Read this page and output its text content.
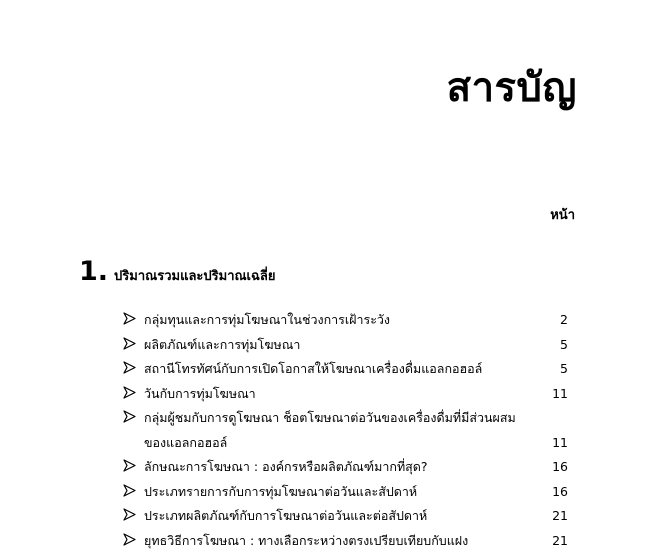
สารบัญ
หน้า
1. ปริมาณรวมและปริมาณเฉลี่ย
กลุ่มทุนและการทุ่มโฆษณาในช่วงการเฝ้าระวัง	2
ผลิตภัณฑ์และการทุ่มโฆษณา	5
สถานีโทรทัศน์กับการเปิดโอกาสให้โฆษณาเครื่องดื่มแอลกอฮอล์	5
วันกับการทุ่มโฆษณา	11
กลุ่มผู้ชมกับการดูโฆษณา ช็อตโฆษณาต่อวันของเครื่องดื่มที่มีส่วนผสม
ของแอลกอฮอล์	11
ลักษณะการโฆษณา : องค์กรหรือผลิตภัณฑ์มากที่สุด?	16
ประเภทรายการกับการทุ่มโฆษณาต่อวันและสัปดาห์	16
ประเภทผลิตภัณฑ์กับการโฆษณาต่อวันและต่อสัปดาห์	21
ยุทธวิธีการโฆษณา : ทางเลือกระหว่างตรงเปรียบเทียบกับแฝง	21
